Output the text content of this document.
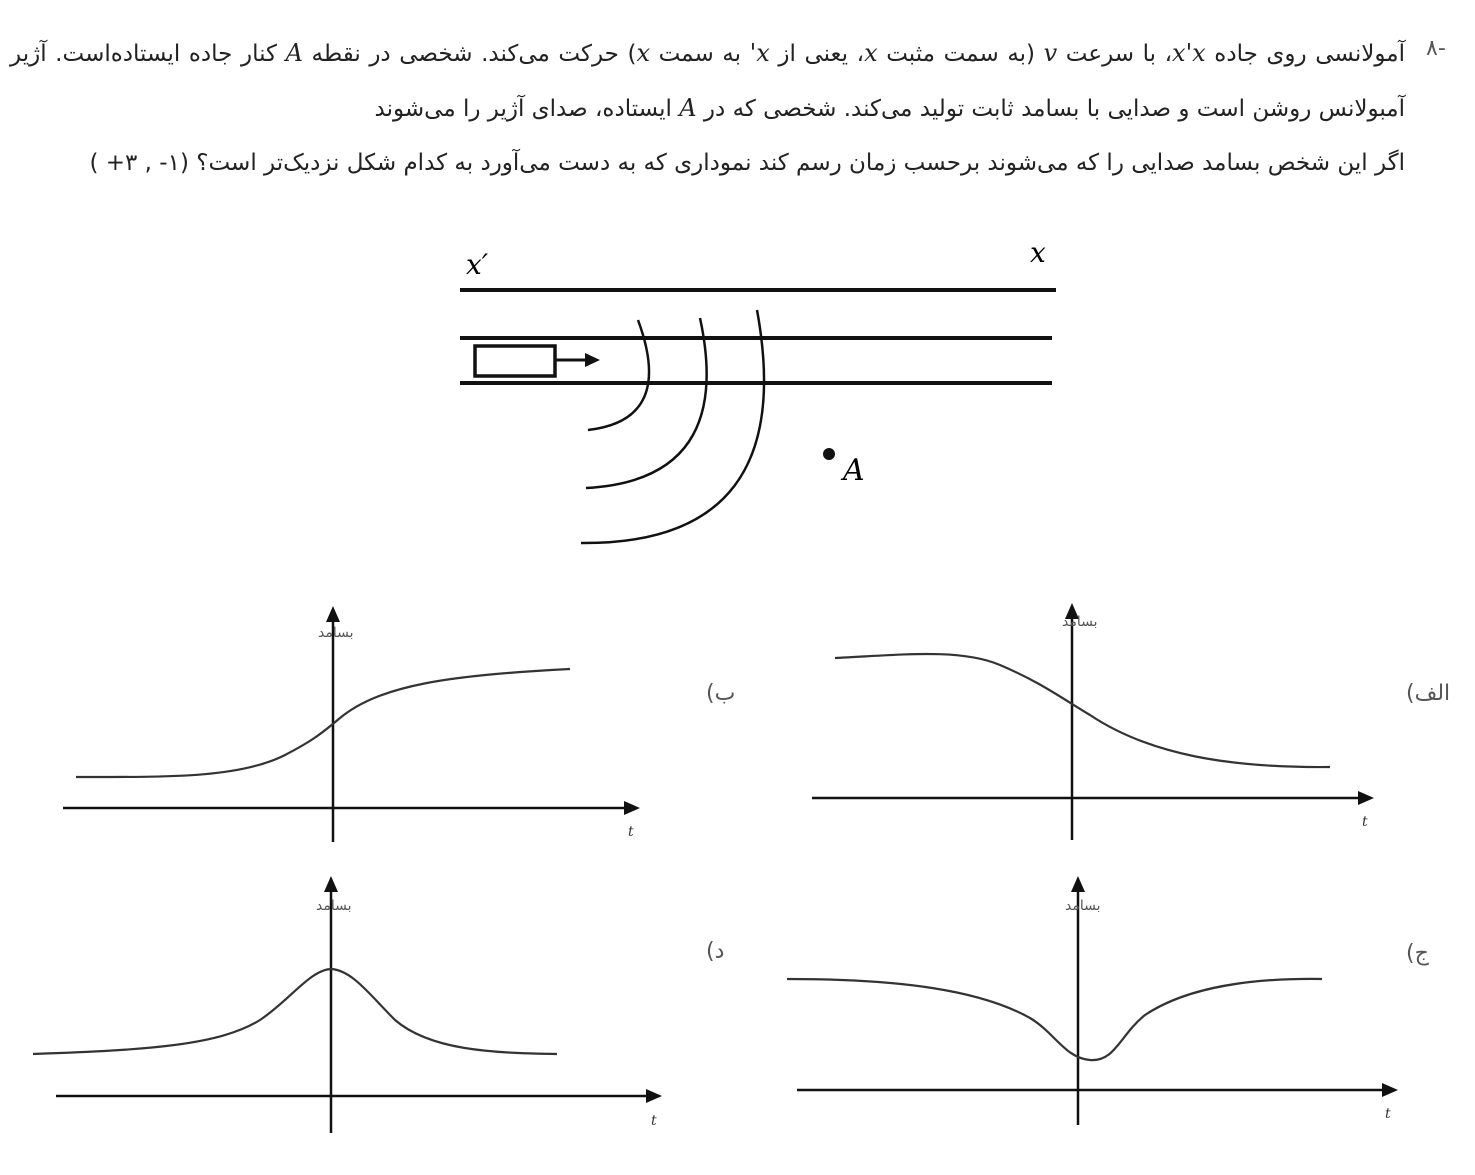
-۸
آمولانسی روی جاده x'x، با سرعت v (به سمت مثبت x، یعنی از x' به سمت x) حرکت می‌کند. شخصی در نقطه A کنار جاده ایستاده‌است. آژیر آمبولانس روشن است و صدایی با بسامد ثابت تولید می‌کند. شخصی که در A ایستاده، صدای آژیر را می‌شوند
اگر این شخص بسامد صدایی را که می‌شوند برحسب زمان رسم کند نموداری که به دست می‌آورد به کدام شکل نزدیک‌تر است؟ (۱- , ۳+ )
x′	x
A
بسامد
t
الف)
بسامد
t
ب)
بسامد
t
ج)
بسامد
t
د)
